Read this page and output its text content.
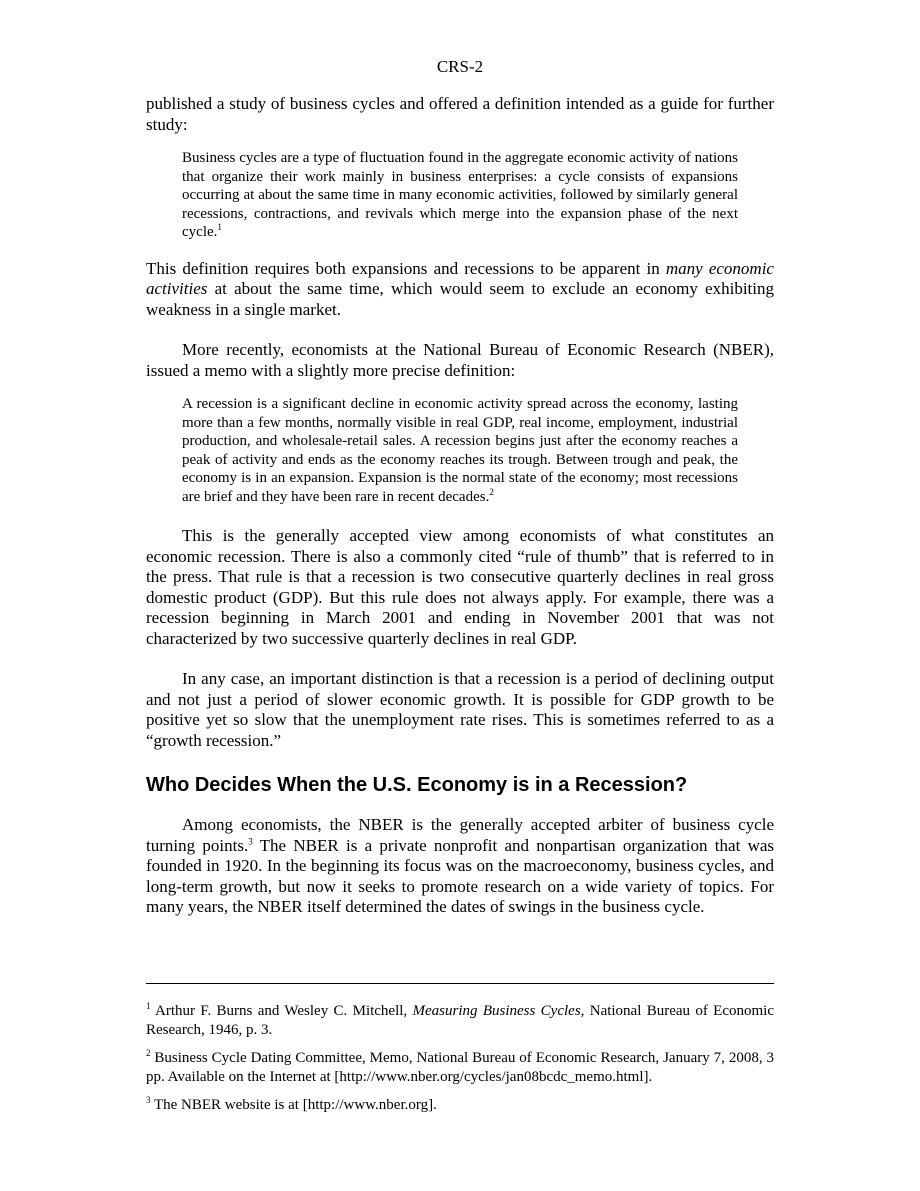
CRS-2

published a study of business cycles and offered a definition intended as a guide for further study:

Business cycles are a type of fluctuation found in the aggregate economic activity of nations that organize their work mainly in business enterprises: a cycle consists of expansions occurring at about the same time in many economic activities, followed by similarly general recessions, contractions, and revivals which merge into the expansion phase of the next cycle.$^1$

This definition requires both expansions and recessions to be apparent in many economic activities at about the same time, which would seem to exclude an economy exhibiting weakness in a single market.

More recently, economists at the National Bureau of Economic Research (NBER), issued a memo with a slightly more precise definition:

A recession is a significant decline in economic activity spread across the economy, lasting more than a few months, normally visible in real GDP, real income, employment, industrial production, and wholesale-retail sales. A recession begins just after the economy reaches a peak of activity and ends as the economy reaches its trough. Between trough and peak, the economy is in an expansion. Expansion is the normal state of the economy; most recessions are brief and they have been rare in recent decades.$^2$

This is the generally accepted view among economists of what constitutes an economic recession. There is also a commonly cited “rule of thumb” that is referred to in the press. That rule is that a recession is two consecutive quarterly declines in real gross domestic product (GDP). But this rule does not always apply. For example, there was a recession beginning in March 2001 and ending in November 2001 that was not characterized by two successive quarterly declines in real GDP.

In any case, an important distinction is that a recession is a period of declining output and not just a period of slower economic growth. It is possible for GDP growth to be positive yet so slow that the unemployment rate rises. This is sometimes referred to as a “growth recession.”

Who Decides When the U.S. Economy is in a Recession?

Among economists, the NBER is the generally accepted arbiter of business cycle turning points.$^3$ The NBER is a private nonprofit and nonpartisan organization that was founded in 1920. In the beginning its focus was on the macroeconomy, business cycles, and long-term growth, but now it seeks to promote research on a wide variety of topics. For many years, the NBER itself determined the dates of swings in the business cycle.

$^1$ Arthur F. Burns and Wesley C. Mitchell, Measuring Business Cycles, National Bureau of Economic Research, 1946, p. 3.

$^2$ Business Cycle Dating Committee, Memo, National Bureau of Economic Research, January 7, 2008, 3 pp. Available on the Internet at [http://www.nber.org/cycles/jan08bcdc_memo.html].

$^3$ The NBER website is at [http://www.nber.org].
